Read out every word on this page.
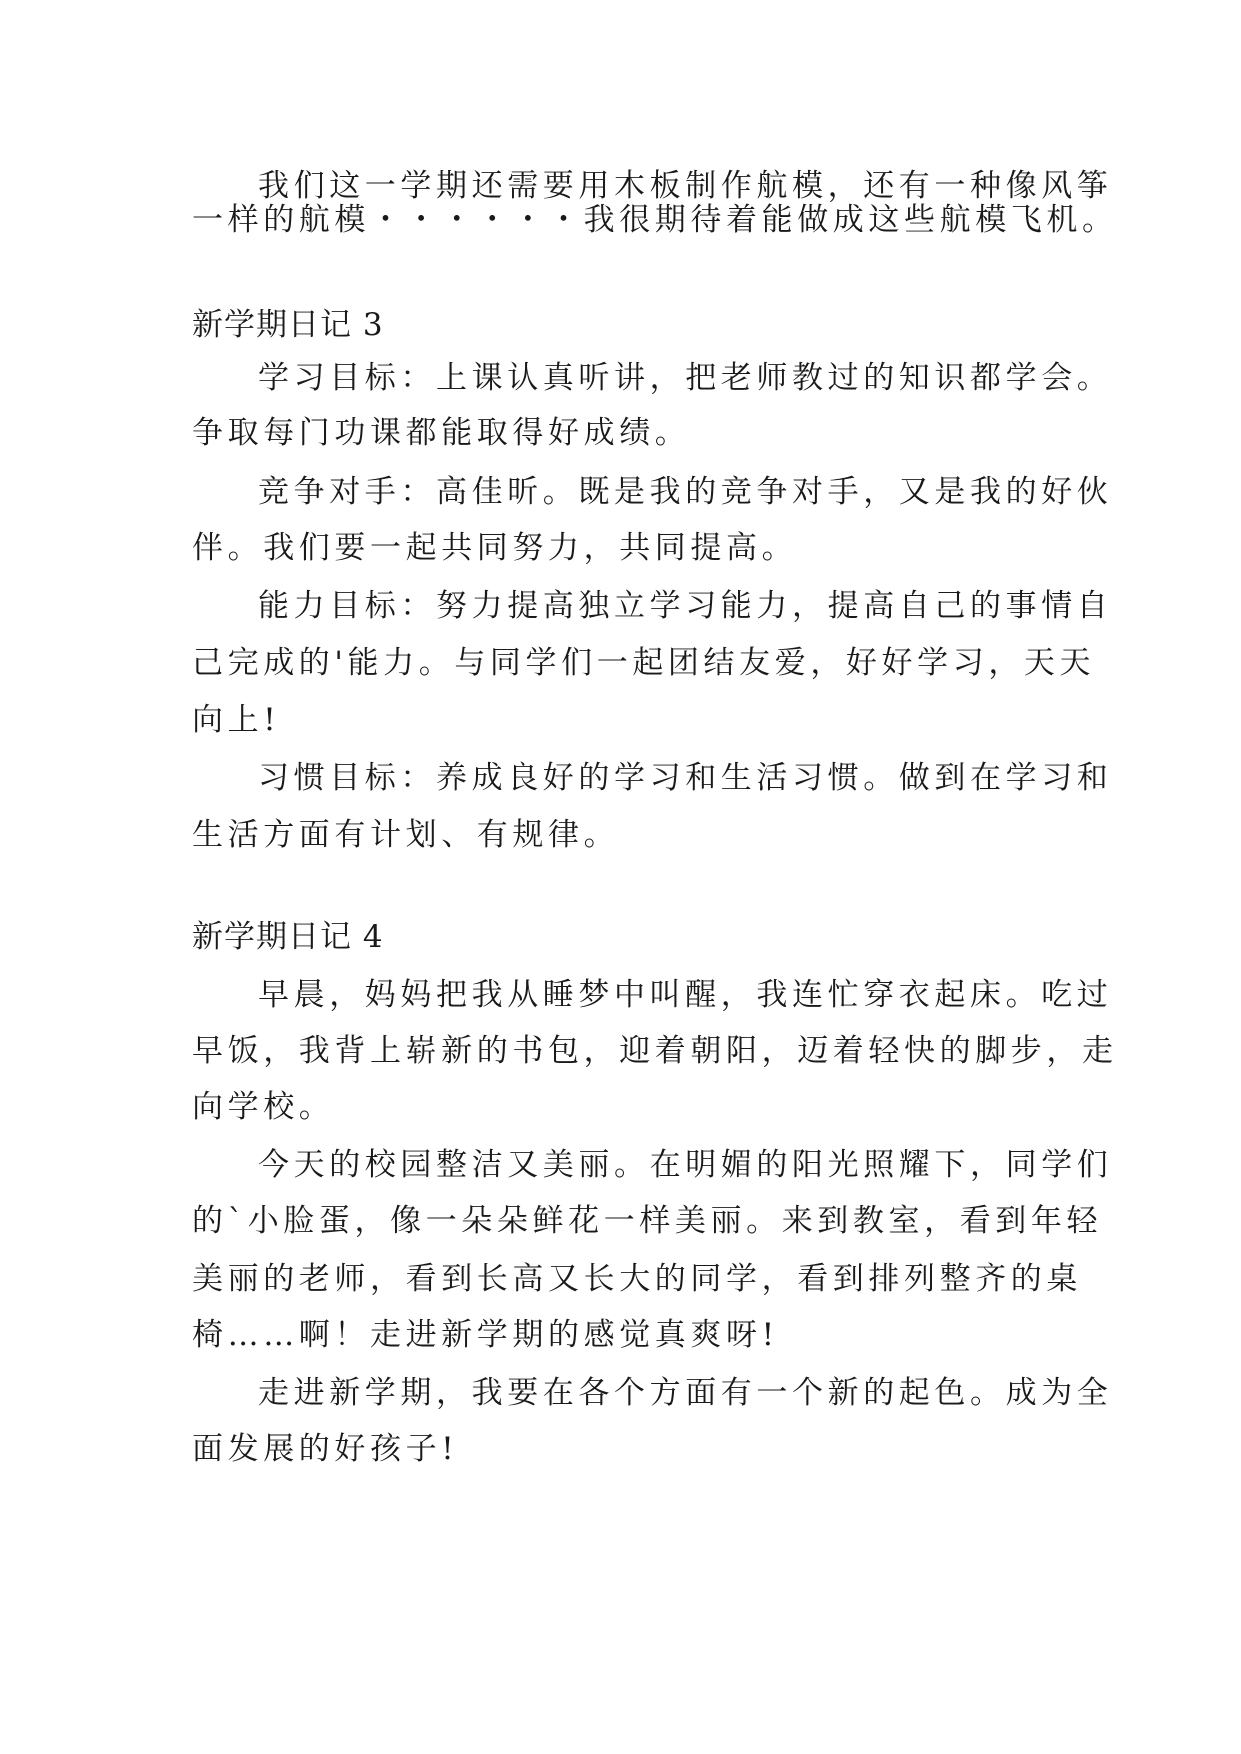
我们这一学期还需要用木板制作航模，还有一种像风筝
一样的航模・・・・・・我很期待着能做成这些航模飞机。
新学期日记 3
学习目标：上课认真听讲，把老师教过的知识都学会。
争取每门功课都能取得好成绩。
竞争对手：高佳昕。既是我的竞争对手，又是我的好伙
伴。我们要一起共同努力，共同提高。
能力目标：努力提高独立学习能力，提高自己的事情自
己完成的'能力。与同学们一起团结友爱，好好学习，天天
向上!
习惯目标：养成良好的学习和生活习惯。做到在学习和
生活方面有计划、有规律。
新学期日记 4
早晨，妈妈把我从睡梦中叫醒，我连忙穿衣起床。吃过
早饭，我背上崭新的书包，迎着朝阳，迈着轻快的脚步，走
向学校。
今天的校园整洁又美丽。在明媚的阳光照耀下，同学们
的`小脸蛋，像一朵朵鲜花一样美丽。来到教室，看到年轻
美丽的老师，看到长高又长大的同学，看到排列整齐的桌
椅……啊！走进新学期的感觉真爽呀!
走进新学期，我要在各个方面有一个新的起色。成为全
面发展的好孩子!
